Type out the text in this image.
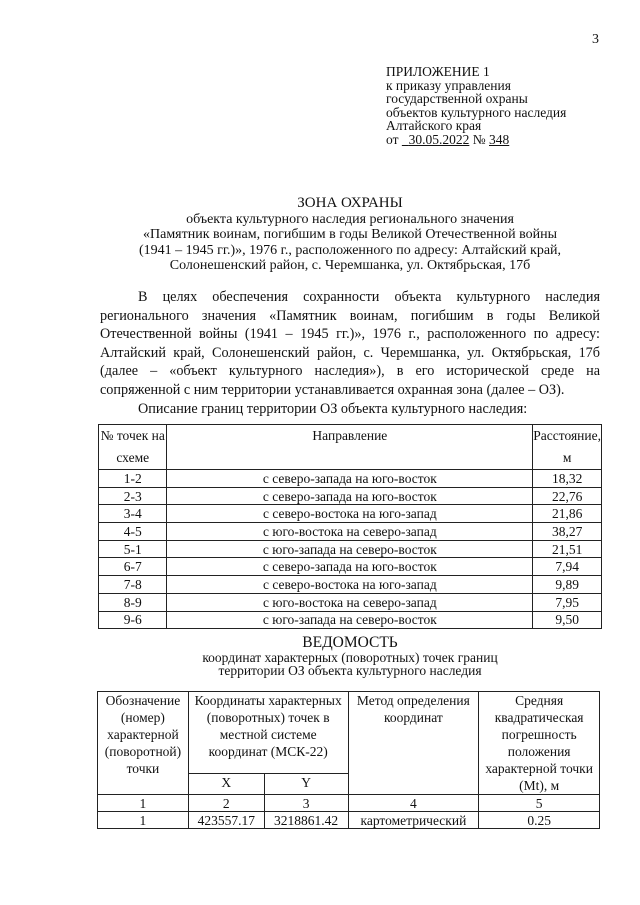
3
ПРИЛОЖЕНИЕ 1
к приказу управления
государственной охраны
объектов культурного наследия
Алтайского края
от 30.05.2022 № 348
ЗОНА ОХРАНЫ
объекта культурного наследия регионального значения
«Памятник воинам, погибшим в годы Великой Отечественной войны
(1941 – 1945 гг.)», 1976 г., расположенного по адресу: Алтайский край,
Солонешенский район, с. Черемшанка, ул. Октябрьская, 17б

В целях обеспечения сохранности объекта культурного наследия регионального значения «Памятник воинам, погибшим в годы Великой Отечественной войны (1941 – 1945 гг.)», 1976 г., расположенного по адресу: Алтайский край, Солонешенский район, с. Черемшанка, ул. Октябрьская, 17б (далее – «объект культурного наследия»), в его исторической среде на сопряженной с ним территории устанавливается охранная зона (далее – ОЗ).

Описание границ территории ОЗ объекта культурного наследия:

№ точек на схеме	Направление	Расстояние, м
1-2	с северо-запада на юго-восток	18,32
2-3	с северо-запада на юго-восток	22,76
3-4	с северо-востока на юго-запад	21,86
4-5	с юго-востока на северо-запад	38,27
5-1	с юго-запада на северо-восток	21,51
6-7	с северо-запада на юго-восток	7,94
7-8	с северо-востока на юго-запад	9,89
8-9	с юго-востока на северо-запад	7,95
9-6	с юго-запада на северо-восток	9,50
ВЕДОМОСТЬ
координат характерных (поворотных) точек границ
территории ОЗ объекта культурного наследия
Обозначение (номер) характерной (поворотной) точки	Координаты характерных (поворотных) точек в местной системе координат (МСК-22)		Метод определения координат	Средняя квадратическая погрешность положения характерной точки (Mt), м
	X	Y		
1	2	3	4	5
1	423557.17	3218861.42	картометрический	0.25
